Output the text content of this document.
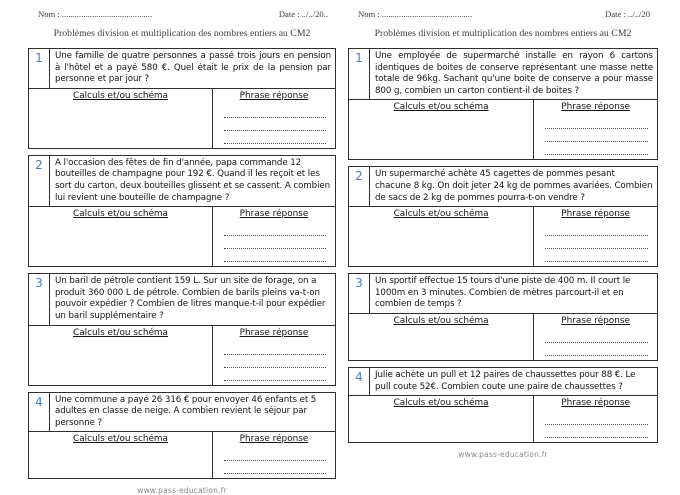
Nom : ..........................................	Date : ../../20..
Problèmes division et multiplication des nombres entiers au CM2
1	Une famille de quatre personnes a passé trois jours en pension à l'hôtel et a payé 580 €. Quel était le prix de la pension par personne et par jour ?
Calculs et/ou schéma	Phrase réponse
2	A l'occasion des fêtes de fin d'année, papa commande 12 bouteilles de champagne pour 192 €. Quand il les reçoit et les sort du carton, deux bouteilles glissent et se cassent. A combien lui revient une bouteille de champagne ?
Calculs et/ou schéma	Phrase réponse
3	Un baril de pétrole contient 159 L. Sur un site de forage, on a produit 360 000 L de pétrole. Combien de barils pleins va-t-on pouvoir expédier ? Combien de litres manque-t-il pour expédier un baril supplémentaire ?
Calculs et/ou schéma	Phrase réponse
4	Une commune a payé 26 316 € pour envoyer 46 enfants et 5 adultes en classe de neige. A combien revient le séjour par personne ?
Calculs et/ou schéma	Phrase réponse
www.pass-education.fr
Nom : ..........................................	Date : ../../20
Problèmes division et multiplication des nombres entiers au CM2
1	Une employée de supermarché installe en rayon 6 cartons identiques de boites de conserve représentant une masse nette totale de 96kg. Sachant qu'une boite de conserve a pour masse 800 g, combien un carton contient-il de boites ?
Calculs et/ou schéma	Phrase réponse
2	Un supermarché achète 45 cagettes de pommes pesant chacune 8 kg. On doit jeter 24 kg de pommes avariées. Combien de sacs de 2 kg de pommes pourra-t-on vendre ?
Calculs et/ou schéma	Phrase réponse
3	Un sportif effectue 15 tours d'une piste de 400 m. Il court le 1000m en 3 minutes. Combien de mètres parcourt-il et en combien de temps ?
Calculs et/ou schéma	Phrase réponse
4	Julie achète un pull et 12 paires de chaussettes pour 88 €. Le pull coute 52€. Combien coute une paire de chaussettes ?
Calculs et/ou schéma	Phrase réponse
www.pass-education.fr
